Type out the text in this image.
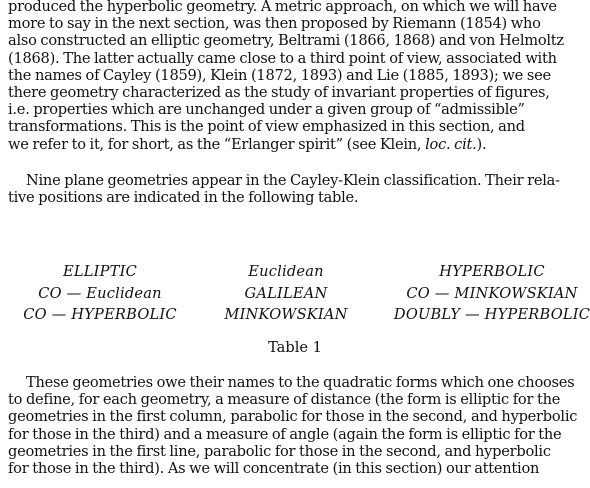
produced the hyperbolic geometry. A metric approach, on which we will have
more to say in the next section, was then proposed by Riemann (1854) who
also constructed an elliptic geometry, Beltrami (1866, 1868) and von Helmoltz
(1868). The latter actually came close to a third point of view, associated with
the names of Cayley (1859), Klein (1872, 1893) and Lie (1885, 1893); we see
there geometry characterized as the study of invariant properties of figures,
i.e. properties which are unchanged under a given group of “admissible”
transformations. This is the point of view emphasized in this section, and
we refer to it, for short, as the “Erlanger spirit” (see Klein, loc. cit.).
Nine plane geometries appear in the Cayley-Klein classification. Their rela-
tive positions are indicated in the following table.
ELLIPTIC	Euclidean	HYPERBOLIC
CO — Euclidean	GALILEAN	CO — MINKOWSKIAN
CO — HYPERBOLIC	MINKOWSKIAN	DOUBLY — HYPERBOLIC
Table 1
These geometries owe their names to the quadratic forms which one chooses
to define, for each geometry, a measure of distance (the form is elliptic for the
geometries in the first column, parabolic for those in the second, and hyperbolic
for those in the third) and a measure of angle (again the form is elliptic for the
geometries in the first line, parabolic for those in the second, and hyperbolic
for those in the third). As we will concentrate (in this section) our attention
